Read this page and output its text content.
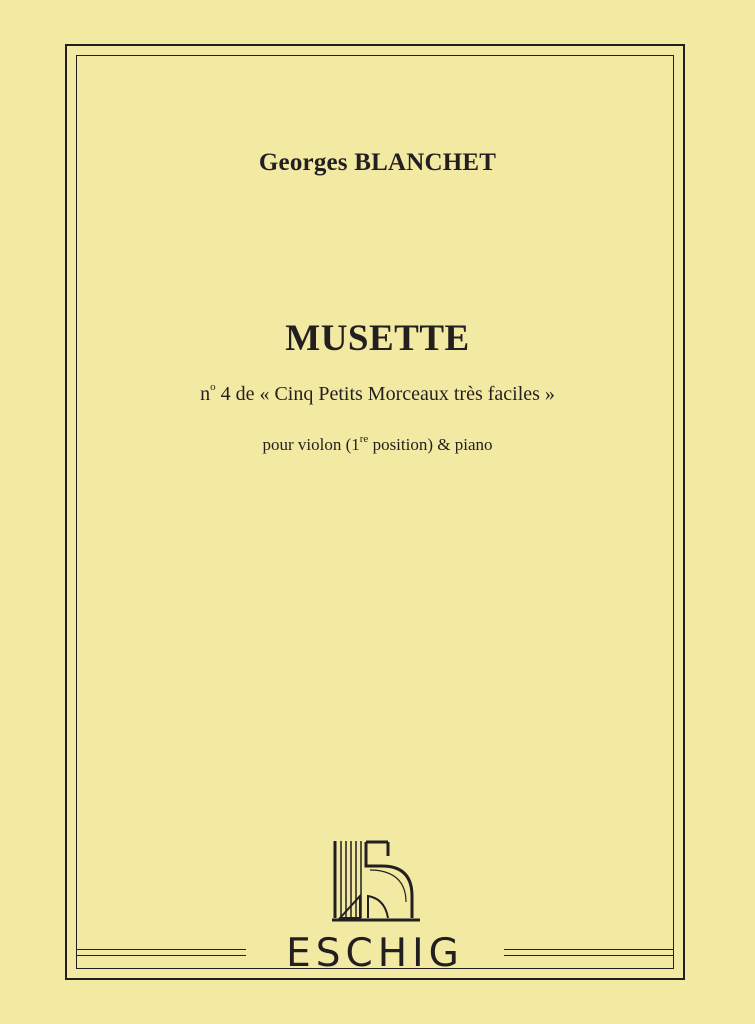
Georges BLANCHET
MUSETTE
$n^o$ 4 de « Cinq Petits Morceaux très faciles »
pour violon (1re position) & piano
ESCHIG
